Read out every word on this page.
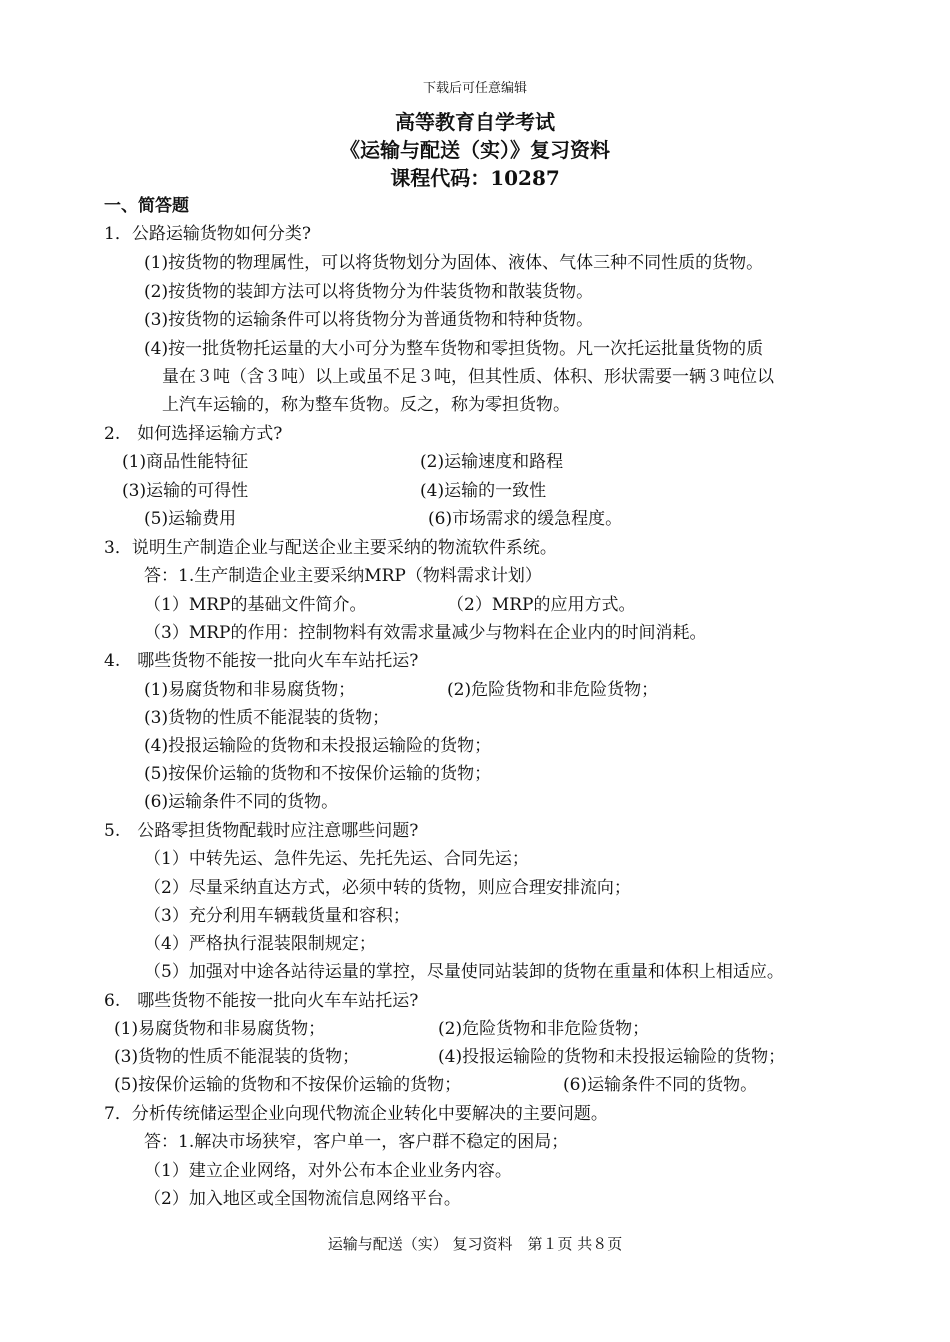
下载后可任意编辑
高等教育自学考试
《运输与配送（实）》复习资料
课程代码：10287
一、简答题
1．公路运输货物如何分类?
(1)按货物的物理属性，可以将货物划分为固体、液体、气体三种不同性质的货物。
(2)按货物的装卸方法可以将货物分为件装货物和散装货物。
(3)按货物的运输条件可以将货物分为普通货物和特种货物。
(4)按一批货物托运量的大小可分为整车货物和零担货物。凡一次托运批量货物的质
量在３吨（含３吨）以上或虽不足３吨，但其性质、体积、形状需要一辆３吨位以
上汽车运输的，称为整车货物。反之，称为零担货物。
2.　如何选择运输方式?
(1)商品性能特征	(2)运输速度和路程
(3)运输的可得性	(4)运输的一致性
(5)运输费用	(6)市场需求的缓急程度。
3．说明生产制造企业与配送企业主要采纳的物流软件系统。
答：1.生产制造企业主要采纳MRP（物料需求计划）
（1）MRP的基础文件简介。	（2）MRP的应用方式。
（3）MRP的作用：控制物料有效需求量减少与物料在企业内的时间消耗。
4.　哪些货物不能按一批向火车车站托运?
(1)易腐货物和非易腐货物；	(2)危险货物和非危险货物；
(3)货物的性质不能混装的货物；
(4)投报运输险的货物和未投报运输险的货物；
(5)按保价运输的货物和不按保价运输的货物；
(6)运输条件不同的货物。
5.　公路零担货物配载时应注意哪些问题?
（1）中转先运、急件先运、先托先运、合同先运；
（2）尽量采纳直达方式，必须中转的货物，则应合理安排流向；
（3）充分利用车辆载货量和容积；
（4）严格执行混装限制规定；
（5）加强对中途各站待运量的掌控，尽量使同站装卸的货物在重量和体积上相适应。
6.　哪些货物不能按一批向火车车站托运?
(1)易腐货物和非易腐货物；	(2)危险货物和非危险货物；
(3)货物的性质不能混装的货物；	(4)投报运输险的货物和未投报运输险的货物；
(5)按保价运输的货物和不按保价运输的货物；	(6)运输条件不同的货物。
7．分析传统储运型企业向现代物流企业转化中要解决的主要问题。
答：1.解决市场狭窄，客户单一，客户群不稳定的困局；
（1）建立企业网络，对外公布本企业业务内容。
（2）加入地区或全国物流信息网络平台。
运输与配送（实） 复习资料　第１页 共８页
